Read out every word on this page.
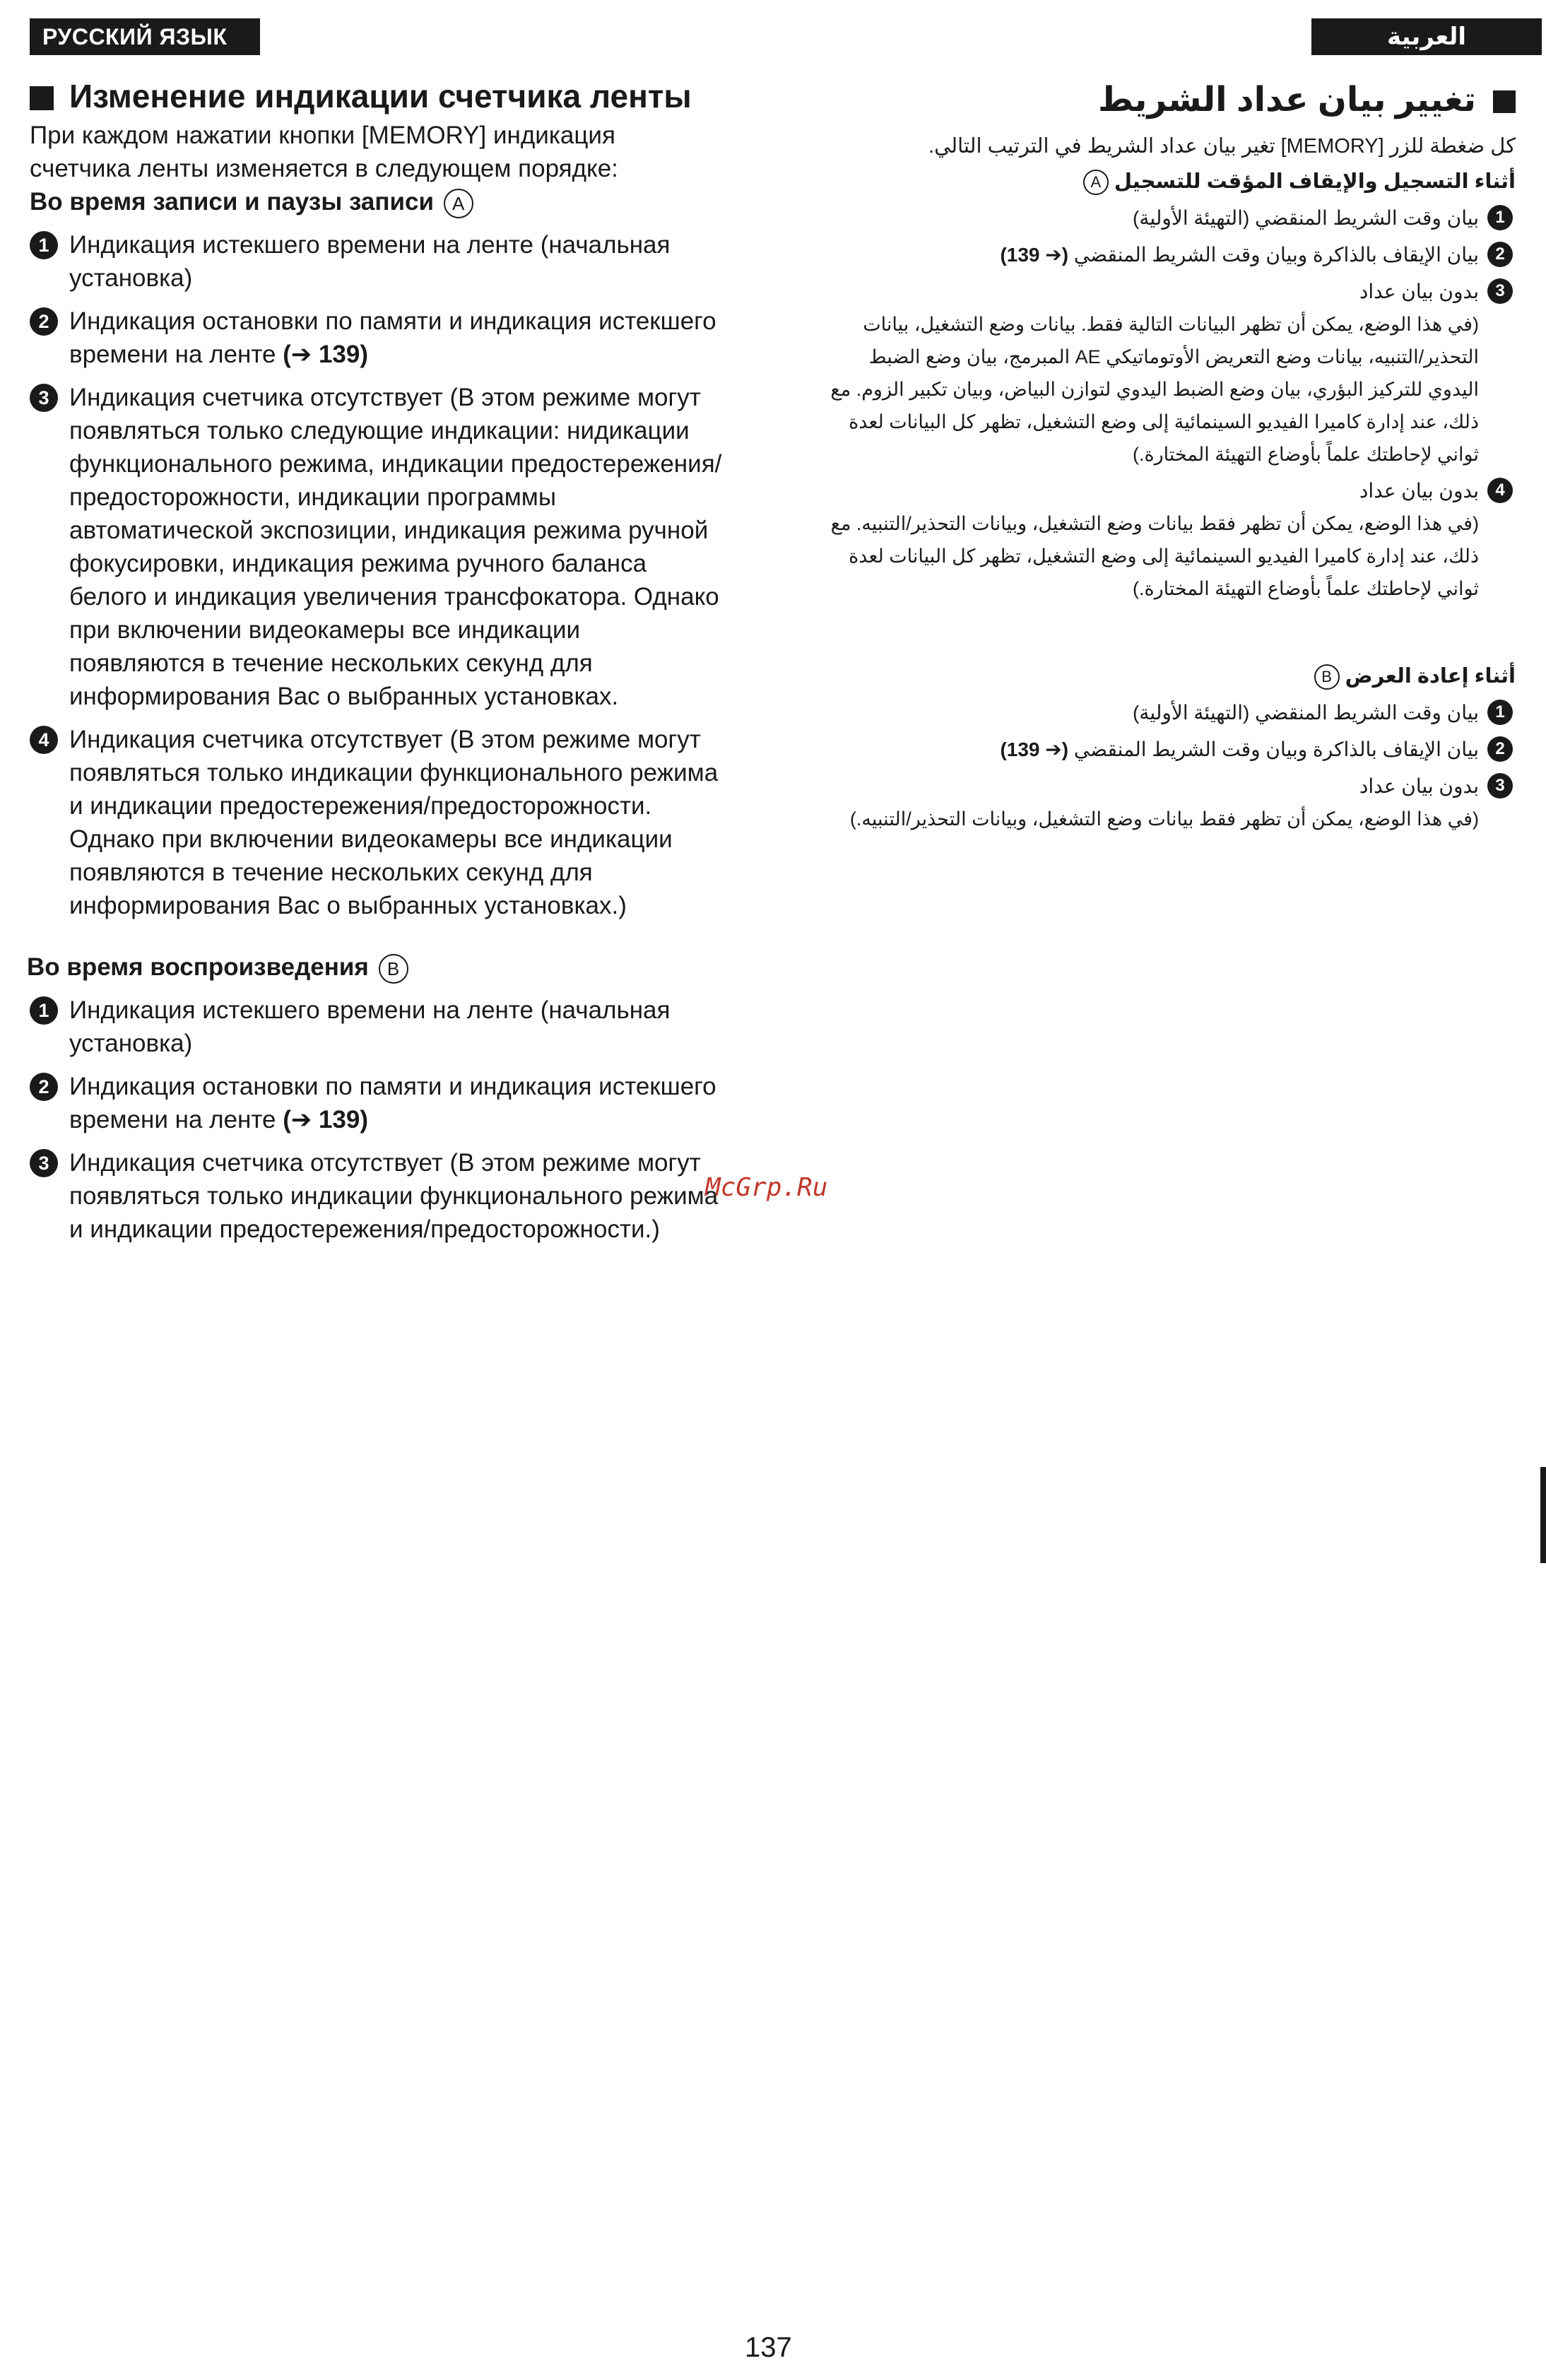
РУССКИЙ ЯЗЫК	العربية
Изменение индикации счетчика ленты

При каждом нажатии кнопки [MEMORY] индикация счетчика ленты изменяется в следующем порядке:

Во время записи и паузы записи A

1 Индикация истекшего времени на ленте (начальная установка)
2 Индикация остановки по памяти и индикация истекшего времени на ленте (➔ 139)
3 Индикация счетчика отсутствует (В этом режиме могут появляться только следующие индикации: нидикации функционального режима, индикации предостережения/предосторожности, индикации программы автоматической экспозиции, индикация режима ручной фокусировки, индикация режима ручного баланса белого и индикация увеличения трансфокатора. Однако при включении видеокамеры все индикации появляются в течение нескольких секунд для информирования Вас о выбранных установках.
4 Индикация счетчика отсутствует (В этом режиме могут появляться только индикации функционального режима и индикации предостережения/предосторожности. Однако при включении видеокамеры все индикации появляются в течение нескольких секунд для информирования Вас о выбранных установках.)

Во время воспроизведения B

1 Индикация истекшего времени на ленте (начальная установка)
2 Индикация остановки по памяти и индикация истекшего времени на ленте (➔ 139)
3 Индикация счетчика отсутствует (В этом режиме могут появляться только индикации функционального режима и индикации предостережения/предосторожности.)
تغيير بيان عداد الشريط

كل ضغطة للزر [MEMORY] تغير بيان عداد الشريط في الترتيب التالي.

أثناء التسجيل والإيقاف المؤقت للتسجيل A

1
بيان وقت الشريط المنقضي (التهيئة الأولية)
2
بيان الإيقاف بالذاكرة وبيان وقت الشريط المنقضي (➔ 139)
3
بدون بيان عداد

(في هذا الوضع، يمكن أن تظهر البيانات التالية فقط. بيانات وضع التشغيل، بيانات التحذير/التنبيه، بيانات وضع التعريض الأوتوماتيكي AE المبرمج، بيان وضع الضبط اليدوي للتركيز البؤري، بيان وضع الضبط اليدوي لتوازن البياض، وبيان تكبير الزوم. مع ذلك، عند إدارة كاميرا الفيديو السينمائية إلى وضع التشغيل، تظهر كل البيانات لعدة ثواني لإحاطتك علماً بأوضاع التهيئة المختارة.)

4
بدون بيان عداد

(في هذا الوضع، يمكن أن تظهر فقط بيانات وضع التشغيل، وبيانات التحذير/التنبيه. مع ذلك، عند إدارة كاميرا الفيديو السينمائية إلى وضع التشغيل، تظهر كل البيانات لعدة ثواني لإحاطتك علماً بأوضاع التهيئة المختارة.)

أثناء إعادة العرض B

1
بيان وقت الشريط المنقضي (التهيئة الأولية)
2
بيان الإيقاف بالذاكرة وبيان وقت الشريط المنقضي (➔ 139)
3
بدون بيان عداد

(في هذا الوضع، يمكن أن تظهر فقط بيانات وضع التشغيل، وبيانات التحذير/التنبيه.)

McGrp.Ru
137
